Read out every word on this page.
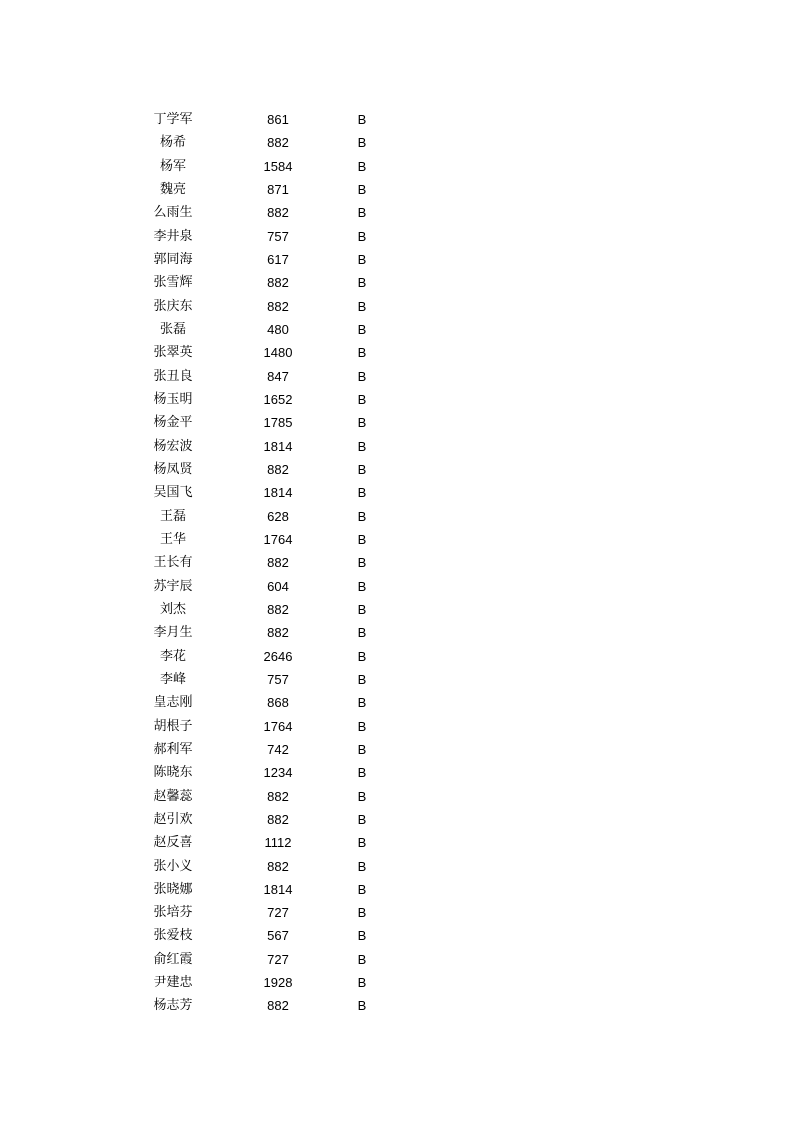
丁学军	861	B
杨希	882	B
杨军	1584	B
魏亮	871	B
么雨生	882	B
李井泉	757	B
郭同海	617	B
张雪辉	882	B
张庆东	882	B
张磊	480	B
张翠英	1480	B
张丑良	847	B
杨玉明	1652	B
杨金平	1785	B
杨宏波	1814	B
杨凤贤	882	B
吴国飞	1814	B
王磊	628	B
王华	1764	B
王长有	882	B
苏宇辰	604	B
刘杰	882	B
李月生	882	B
李花	2646	B
李峰	757	B
皇志刚	868	B
胡根子	1764	B
郝利军	742	B
陈晓东	1234	B
赵馨蕊	882	B
赵引欢	882	B
赵反喜	1112	B
张小义	882	B
张晓娜	1814	B
张培芬	727	B
张爱枝	567	B
俞红霞	727	B
尹建忠	1928	B
杨志芳	882	B
